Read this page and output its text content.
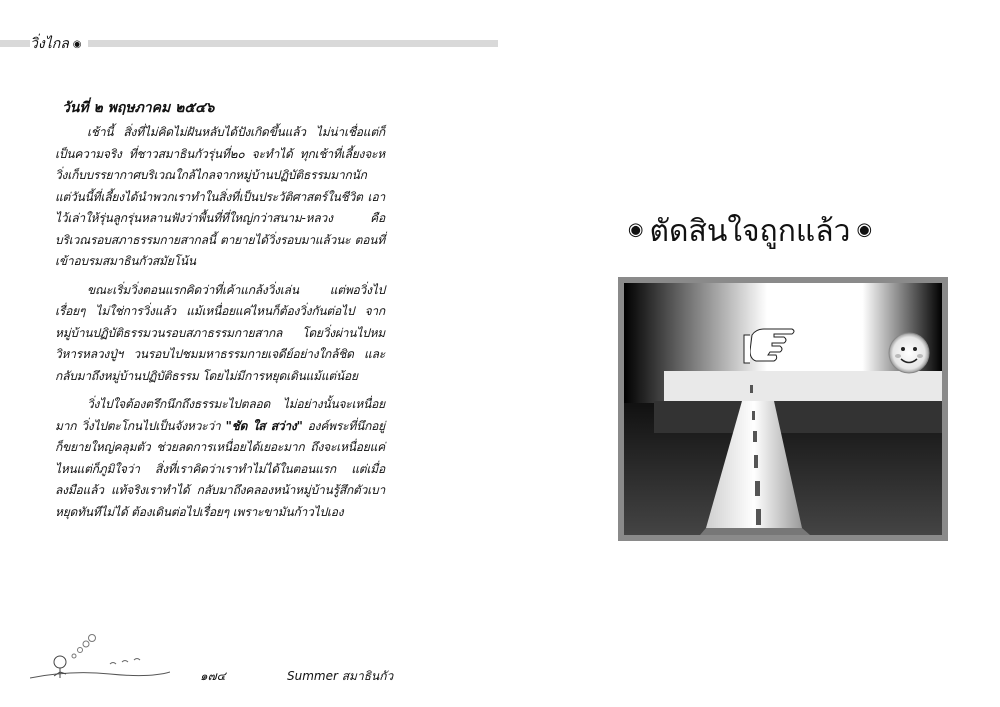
วิ่งไกล ◉
วันที่ ๒ พฤษภาคม ๒๕๔๖

เช้านี้ สิ่งที่ไม่คิดไม่ฝันหลับได้ปังเกิดขึ้นแล้ว ไม่น่าเชื่อแต่ก็เป็นความจริง ที่ชาวสมาธินกัวรุ่นที่๒๐ จะทำได้ ทุกเช้าที่เลี้ยงจะหวิ่งเก็บบรรยากาศบริเวณใกล้ไกลจากหมู่บ้านปฏิบัติธรรมมากนัก แต่วันนี้ที่เลี้ยงได้นำพวกเราทำในสิ่งที่เป็นประวัติศาสตร์ในชีวิต เอาไว้เล่าให้รุ่นลูกรุ่นหลานฟังว่าพื้นที่ที่ใหญ่กว่าสนาม-หลวง คือบริเวณรอบสภาธรรมกายสากลนี้ ตายายได้วิ่งรอบมาแล้วนะ ตอนที่เข้าอบรมสมาธินกัวสมัยโน้น

ขณะเริ่มวิ่งตอนแรกคิดว่าที่เค้าแกล้งวิ่งเล่น แต่พอวิ่งไปเรื่อยๆ ไม่ใช่การวิ่งแล้ว แม้เหนื่อยแค่ไหนก็ต้องวิ่งกันต่อไป จากหมู่บ้านปฏิบัติธรรมวนรอบสภาธรรมกายสากล โดยวิ่งผ่านไปหมวิหารหลวงปู่ฯ วนรอบไปชมมหาธรรมกายเจดีย์อย่างใกล้ชิด และกลับมาถึงหมู่บ้านปฏิบัติธรรม โดยไม่มีการหยุดเดินแม้แต่น้อย

วิ่งไปใจต้องตรึกนึกถึงธรรมะไปตลอด ไม่อย่างนั้นจะเหนื่อยมาก วิ่งไปตะโกนไปเป็นจังหวะว่า "ชัด ใส สว่าง" องค์พระที่นึกอยู่ก็ขยายใหญ่คลุมตัว ช่วยลดการเหนื่อยได้เยอะมาก ถึงจะเหนื่อยแค่ไหนแต่ก็ภูมิใจว่า สิ่งที่เราคิดว่าเราทำไม่ได้ในตอนแรก แต่เมื่อลงมือแล้ว แท้จริงเราทำได้ กลับมาถึงคลองหน้าหมู่บ้านรู้สึกตัวเบา หยุดทันทีไม่ได้ ต้องเดินต่อไปเรื่อยๆ เพราะขามันก้าวไปเอง

๑๗๔	Summer สมาธินกัว
◉ ตัดสินใจถูกแล้ว ◉
